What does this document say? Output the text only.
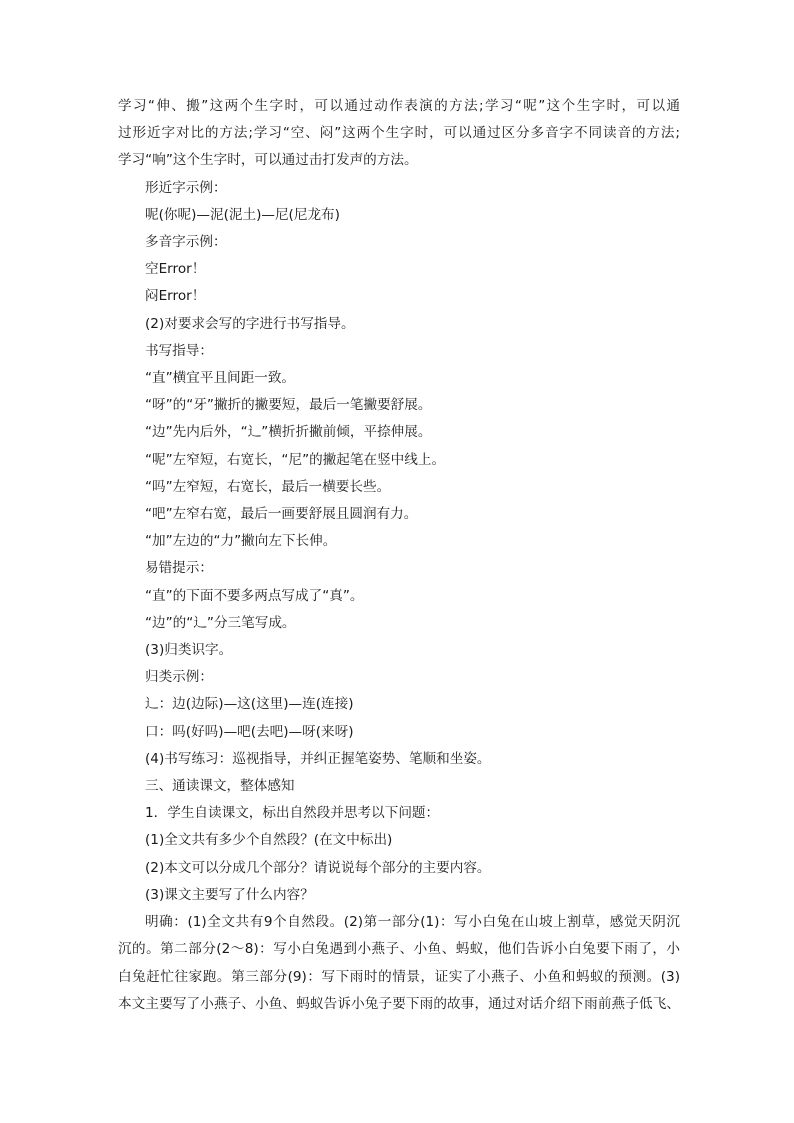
学习“伸、搬”这两个生字时，可以通过动作表演的方法;学习“呢”这个生字时，可以通

过形近字对比的方法;学习“空、闷”这两个生字时，可以通过区分多音字不同读音的方法;

学习“响”这个生字时，可以通过击打发声的方法。

形近字示例：

呢(你呢)—泥(泥土)—尼(尼龙布)

多音字示例：

空Error！

闷Error！

(2)对要求会写的字进行书写指导。

书写指导：

“直”横宜平且间距一致。

“呀”的“牙”撇折的撇要短，最后一笔撇要舒展。

“边”先内后外，“辶”横折折撇前倾，平捺伸展。

“呢”左窄短，右宽长，“尼”的撇起笔在竖中线上。

“吗”左窄短，右宽长，最后一横要长些。

“吧”左窄右宽，最后一画要舒展且圆润有力。

“加”左边的“力”撇向左下长伸。

易错提示：

“直”的下面不要多两点写成了“真”。

“边”的“辶”分三笔写成。

(3)归类识字。

归类示例：

辶：边(边际)—这(这里)—连(连接)

口：吗(好吗)—吧(去吧)—呀(来呀)

(4)书写练习：巡视指导，并纠正握笔姿势、笔顺和坐姿。

三、通读课文，整体感知

1．学生自读课文，标出自然段并思考以下问题：

(1)全文共有多少个自然段？(在文中标出)

(2)本文可以分成几个部分？请说说每个部分的主要内容。

(3)课文主要写了什么内容？

明确：(1)全文共有9个自然段。(2)第一部分(1)：写小白兔在山坡上割草，感觉天阴沉

沉的。第二部分(2～8)：写小白兔遇到小燕子、小鱼、蚂蚁，他们告诉小白兔要下雨了，小

白兔赶忙往家跑。第三部分(9)：写下雨时的情景，证实了小燕子、小鱼和蚂蚁的预测。(3)

本文主要写了小燕子、小鱼、蚂蚁告诉小兔子要下雨的故事，通过对话介绍下雨前燕子低飞、
